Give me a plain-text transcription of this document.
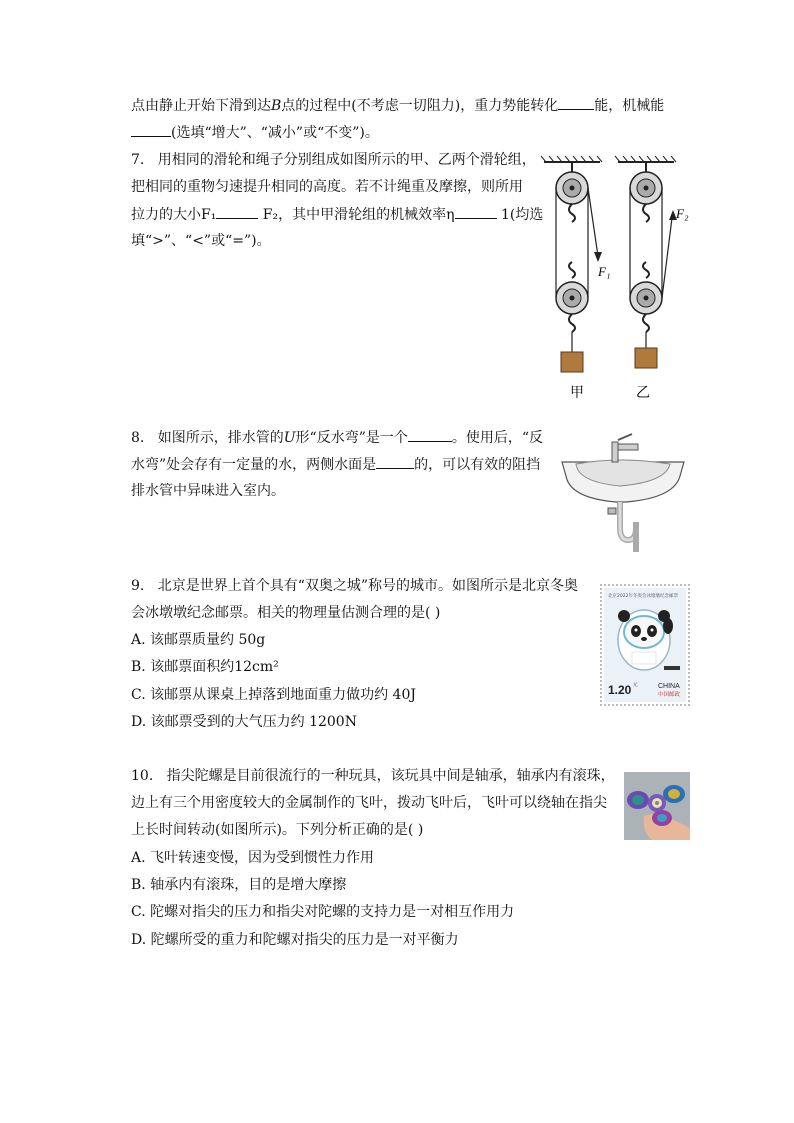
点由静止开始下滑到达B点的过程中(不考虑一切阻力)，重力势能转化	能，机械能
(选填“增大”、“减小”或“不变”)。
7. 用相同的滑轮和绳子分别组成如图所示的甲、乙两个滑轮组，
把相同的重物匀速提升相同的高度。若不计绳重及摩擦，则所用
拉力的大小F₁	F₂，其中甲滑轮组的机械效率η	1(均选
填“>”、“<”或“=”)。
F₁
甲
F₂
乙
8. 如图所示，排水管的U形“反水弯”是一个	。使用后，“反
水弯”处会存有一定量的水，两侧水面是	的，可以有效的阻挡
排水管中异味进入室内。
9. 北京是世界上首个具有“双奥之城”称号的城市。如图所示是北京冬奥
会冰墩墩纪念邮票。相关的物理量估测合理的是( )
A. 该邮票质量约 50g
B. 该邮票面积约12cm²
C. 该邮票从课桌上掉落到地面重力做功约 40J
D. 该邮票受到的大气压力约 1200N
北京2022年冬奥会冰墩墩纪念邮票
1.20 元	CHINA
中国邮政
10. 指尖陀螺是目前很流行的一种玩具，该玩具中间是轴承，轴承内有滚珠，
边上有三个用密度较大的金属制作的飞叶，拨动飞叶后，飞叶可以绕轴在指尖
上长时间转动(如图所示)。下列分析正确的是( )
A. 飞叶转速变慢，因为受到惯性力作用
B. 轴承内有滚珠，目的是增大摩擦
C. 陀螺对指尖的压力和指尖对陀螺的支持力是一对相互作用力
D. 陀螺所受的重力和陀螺对指尖的压力是一对平衡力
